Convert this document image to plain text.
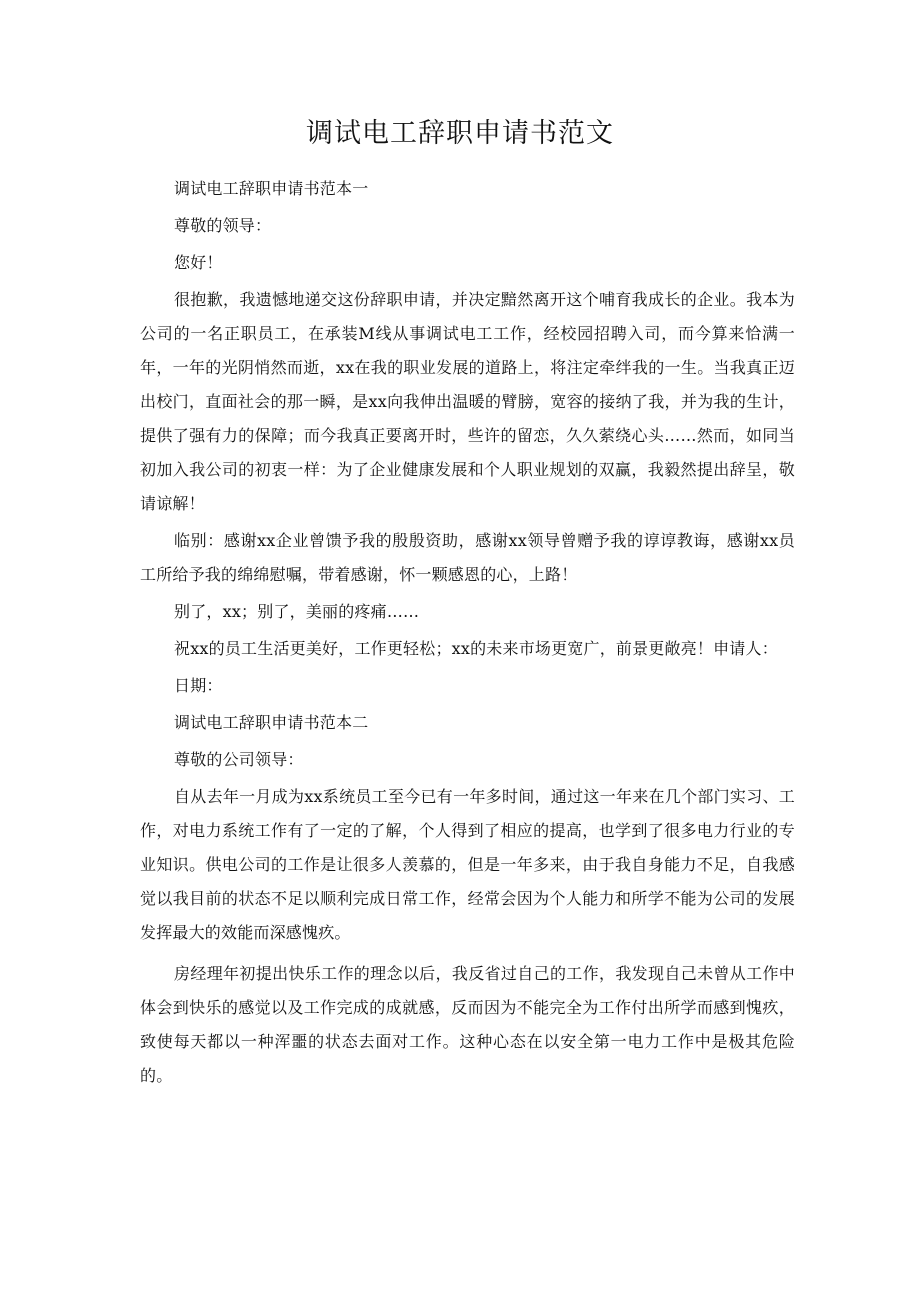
调试电工辞职申请书范文

调试电工辞职申请书范本一

尊敬的领导：

您好！

很抱歉，我遗憾地递交这份辞职申请，并决定黯然离开这个哺育我成长的企业。我本为公司的一名正职员工，在承装M线从事调试电工工作，经校园招聘入司，而今算来恰满一年，一年的光阴悄然而逝，xx在我的职业发展的道路上，将注定牵绊我的一生。当我真正迈出校门，直面社会的那一瞬，是xx向我伸出温暖的臂膀，宽容的接纳了我，并为我的生计，提供了强有力的保障；而今我真正要离开时，些许的留恋，久久萦绕心头……然而，如同当初加入我公司的初衷一样：为了企业健康发展和个人职业规划的双赢，我毅然提出辞呈，敬请谅解！

临别：感谢xx企业曾馈予我的殷殷资助，感谢xx领导曾赠予我的谆谆教诲，感谢xx员工所给予我的绵绵慰嘱，带着感谢，怀一颗感恩的心，上路！

别了，xx；别了，美丽的疼痛……

祝xx的员工生活更美好，工作更轻松；xx的未来市场更宽广，前景更敞亮！申请人：

日期：

调试电工辞职申请书范本二

尊敬的公司领导：

自从去年一月成为xx系统员工至今已有一年多时间，通过这一年来在几个部门实习、工作，对电力系统工作有了一定的了解，个人得到了相应的提高，也学到了很多电力行业的专业知识。供电公司的工作是让很多人羡慕的，但是一年多来，由于我自身能力不足，自我感觉以我目前的状态不足以顺利完成日常工作，经常会因为个人能力和所学不能为公司的发展发挥最大的效能而深感愧疚。

房经理年初提出快乐工作的理念以后，我反省过自己的工作，我发现自己未曾从工作中体会到快乐的感觉以及工作完成的成就感，反而因为不能完全为工作付出所学而感到愧疚，致使每天都以一种浑噩的状态去面对工作。这种心态在以安全第一电力工作中是极其危险的。
